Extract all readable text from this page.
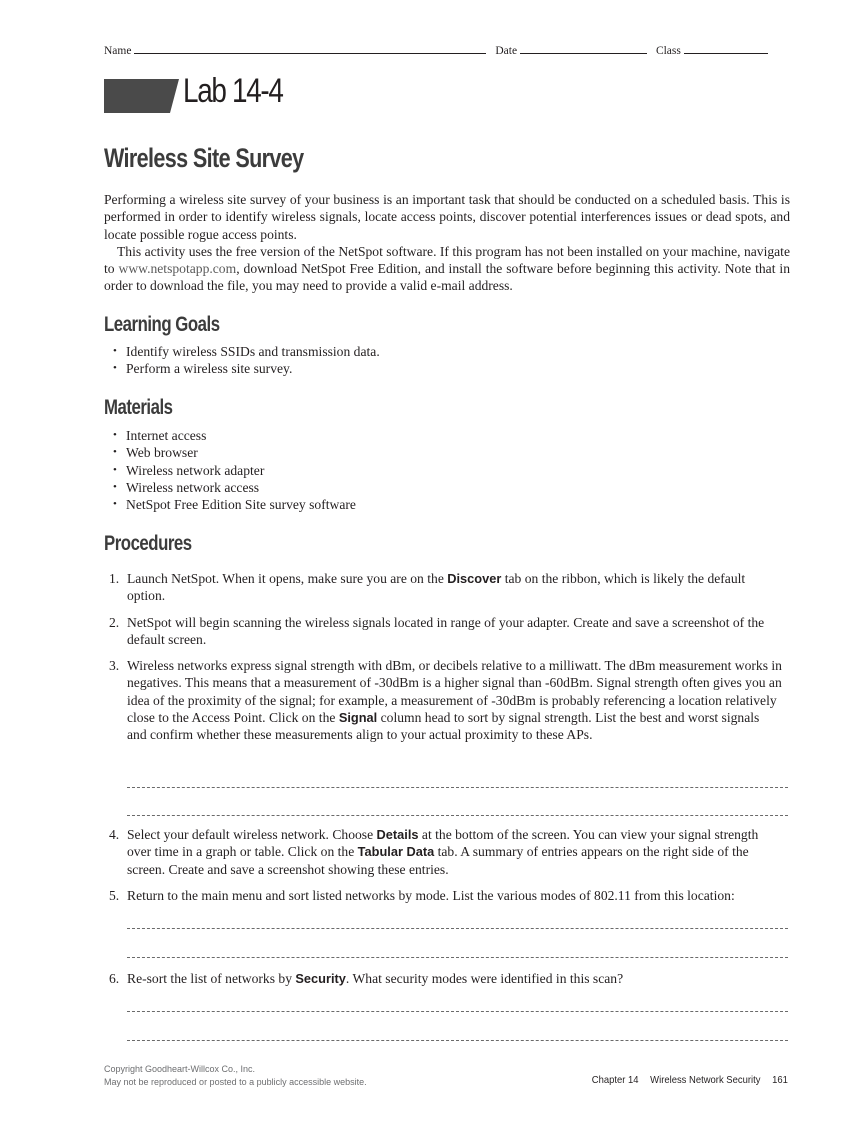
Name	Date	Class
Lab 14-4
Wireless Site Survey

Performing a wireless site survey of your business is an important task that should be conducted on a scheduled basis. This is performed in order to identify wireless signals, locate access points, discover potential interferences issues or dead spots, and locate possible rogue access points.

This activity uses the free version of the NetSpot software. If this program has not been installed on your machine, navigate to www.netspotapp.com, download NetSpot Free Edition, and install the software before beginning this activity. Note that in order to download the file, you may need to provide a valid e-mail address.

Learning Goals
• Identify wireless SSIDs and transmission data.
• Perform a wireless site survey.
Materials
• Internet access
• Web browser
• Wireless network adapter
• Wireless network access
• NetSpot Free Edition Site survey software
Procedures
1. Launch NetSpot. When it opens, make sure you are on the Discover tab on the ribbon, which is likely the default option.
2. NetSpot will begin scanning the wireless signals located in range of your adapter. Create and save a screenshot of the default screen.
3. Wireless networks express signal strength with dBm, or decibels relative to a milliwatt. The dBm measurement works in negatives. This means that a measurement of -30dBm is a higher signal than -60dBm. Signal strength often gives you an idea of the proximity of the signal; for example, a measurement of -30dBm is probably referencing a location relatively close to the Access Point. Click on the Signal column head to sort by signal strength. List the best and worst signals and confirm whether these measurements align to your actual proximity to these APs.
4. Select your default wireless network. Choose Details at the bottom of the screen. You can view your signal strength over time in a graph or table. Click on the Tabular Data tab. A summary of entries appears on the right side of the screen. Create and save a screenshot showing these entries.
5. Return to the main menu and sort listed networks by mode. List the various modes of 802.11 from this location:
6. Re-sort the list of networks by Security. What security modes were identified in this scan?
Copyright Goodheart-Willcox Co., Inc.
May not be reproduced or posted to a publicly accessible website.	Chapter 14 Wireless Network Security 161
